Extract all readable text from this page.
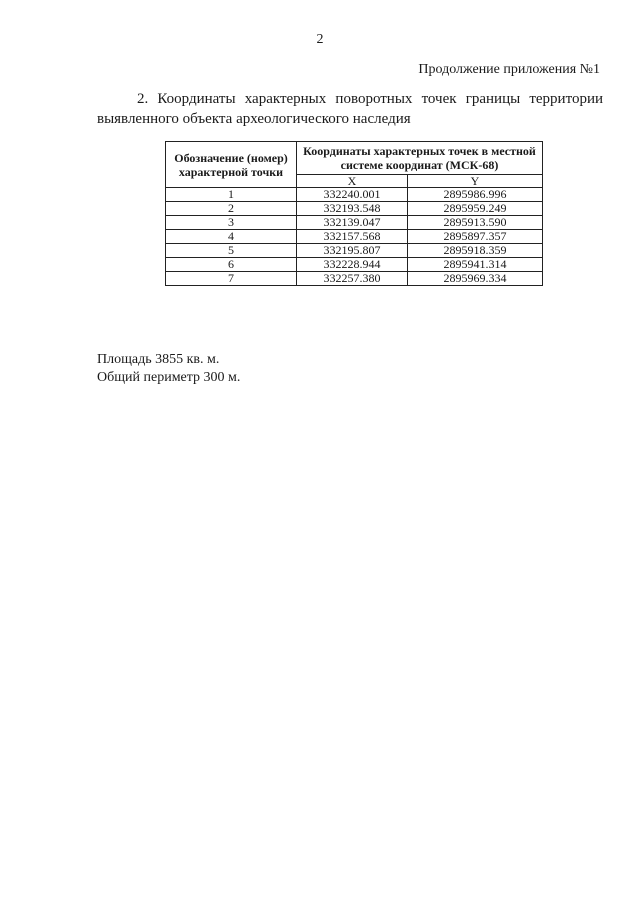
2
Продолжение приложения №1
2. Координаты характерных поворотных точек границы территории выявленного объекта археологического наследия
Обозначение (номер) характерной точки	Координаты характерных точек в местной системе координат (МСК-68)	
	X	Y
1	332240.001	2895986.996
2	332193.548	2895959.249
3	332139.047	2895913.590
4	332157.568	2895897.357
5	332195.807	2895918.359
6	332228.944	2895941.314
7	332257.380	2895969.334
Площадь 3855 кв. м.
Общий периметр 300 м.
